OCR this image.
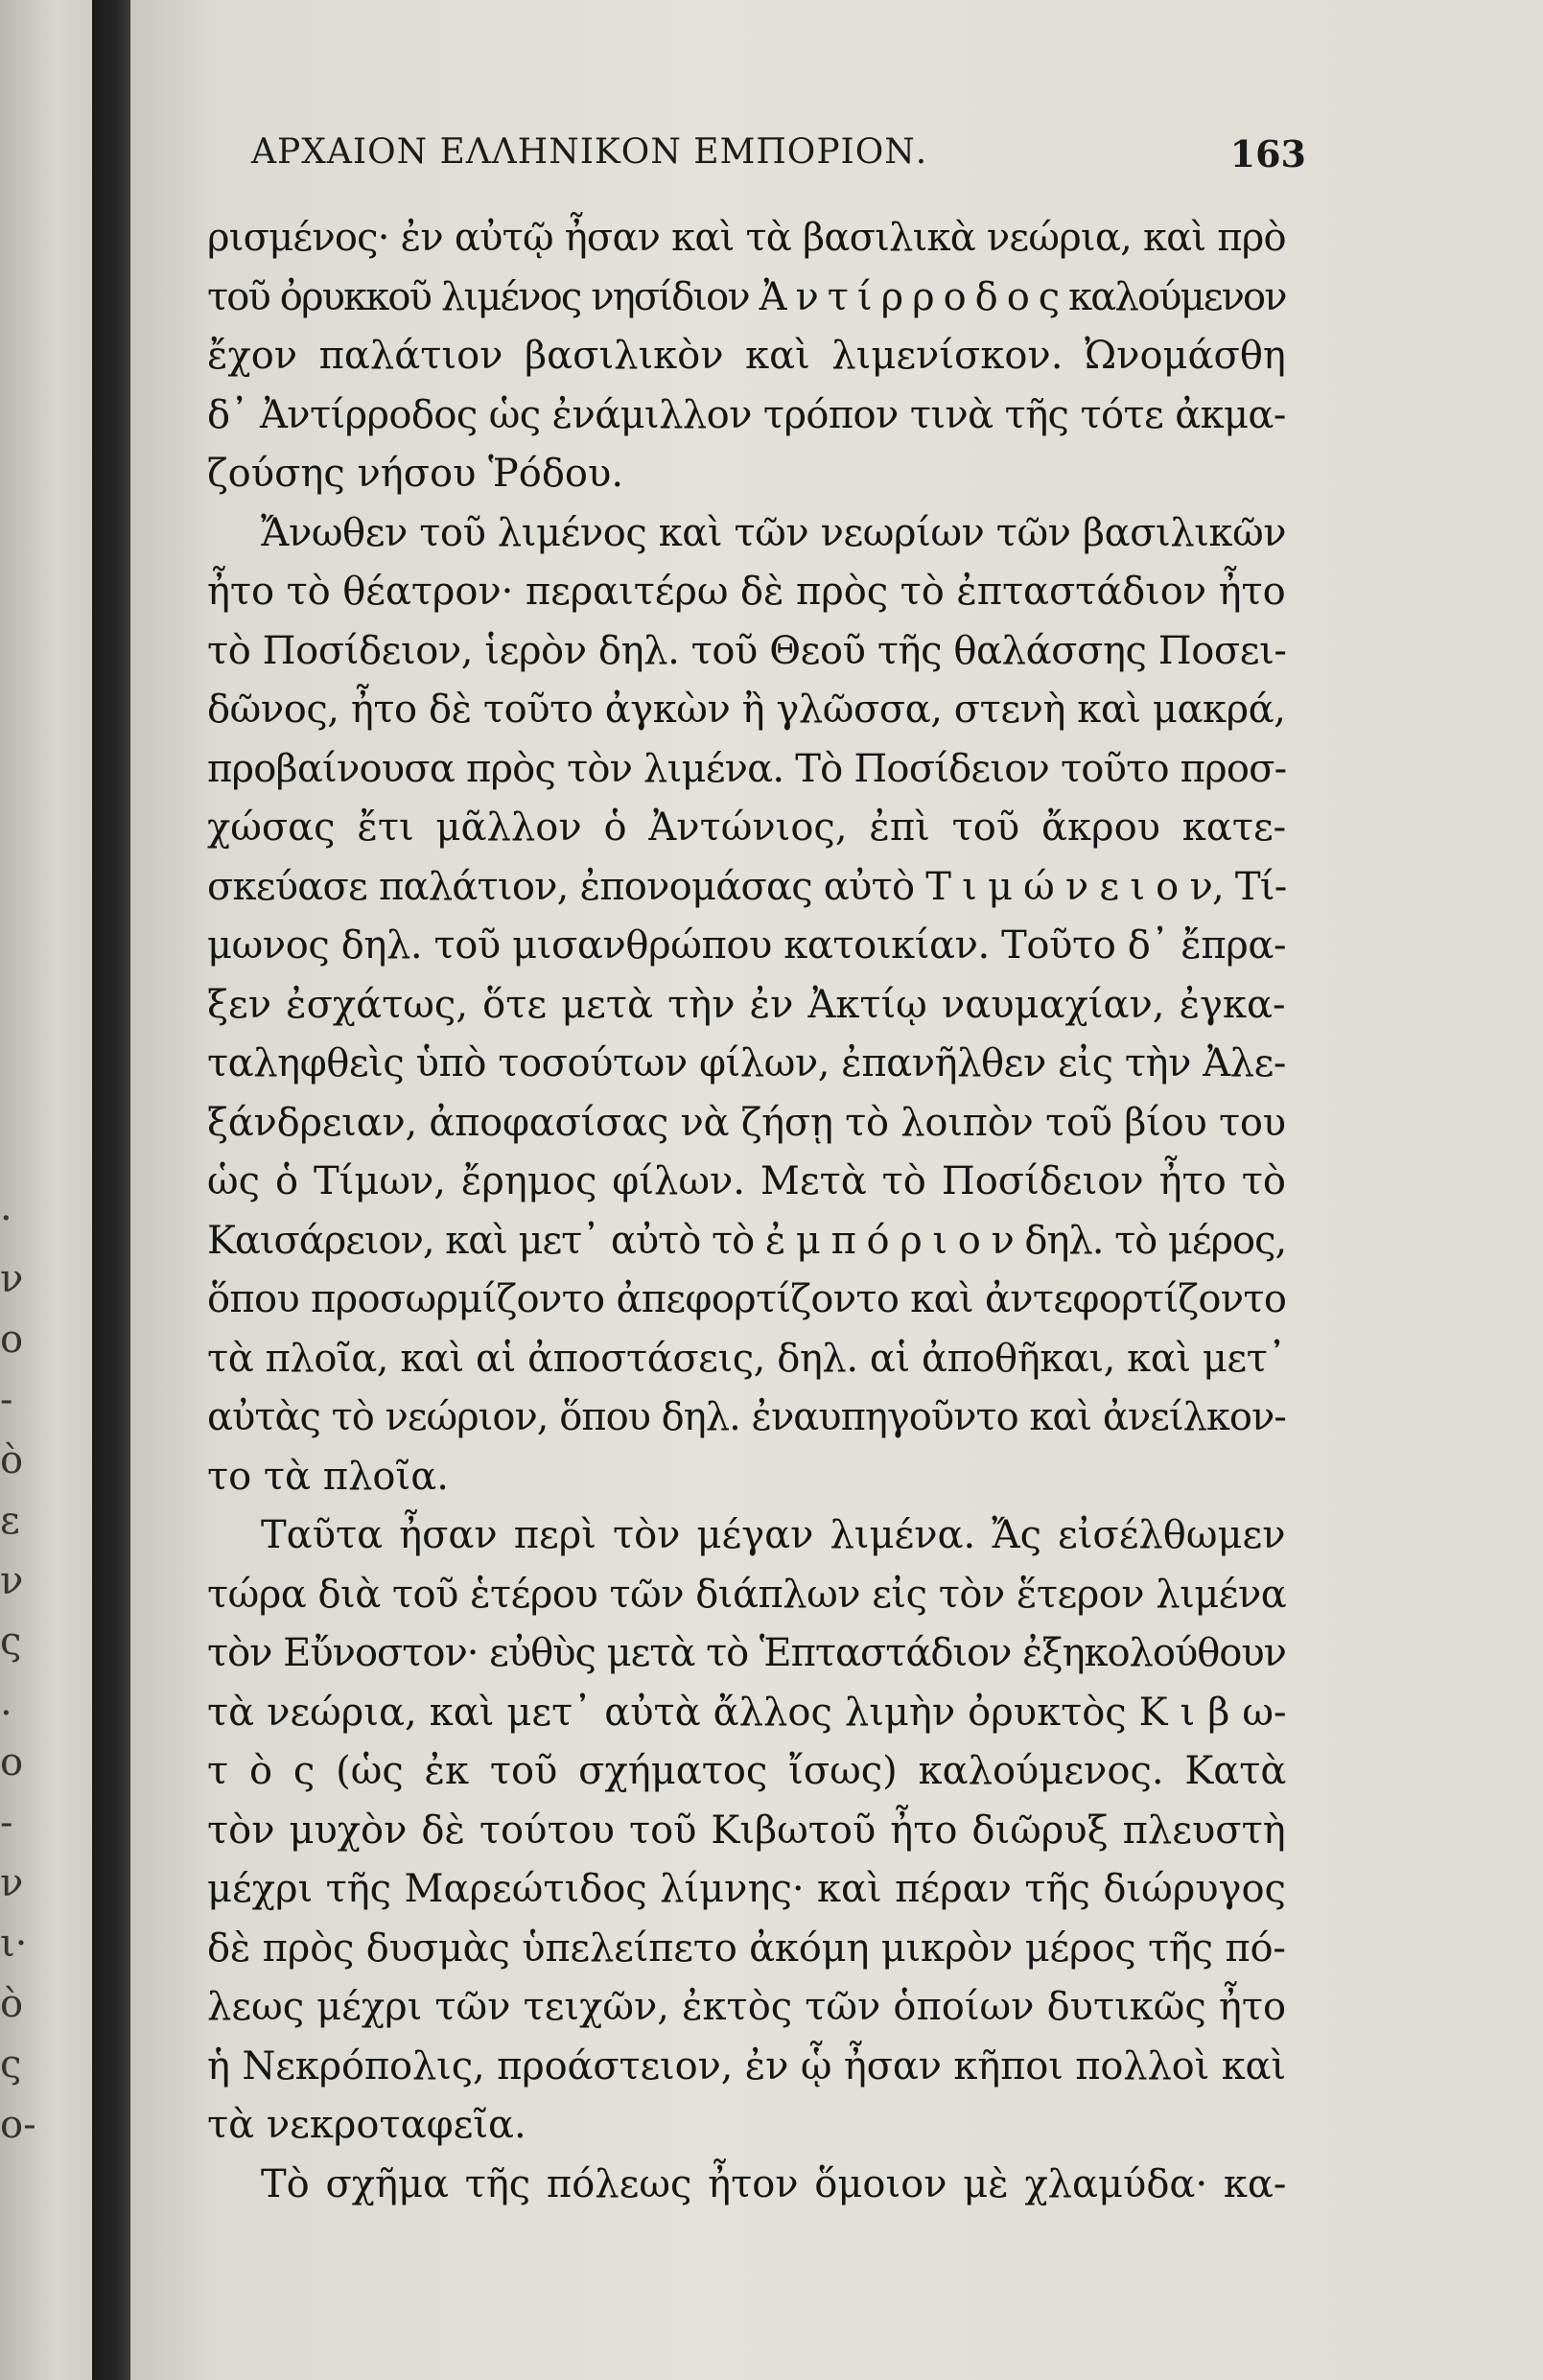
·
ν
ο
-
ὸ
ε
ν
ς
.
ο
-
ν
ι·
ὸ
ς
ο-
ΑΡΧΑΙΟΝ ΕΛΛΗΝΙΚΟΝ ΕΜΠΟΡΙΟΝ.	163
ρισμένος· ἐν αὐτῷ ἦσαν καὶ τὰ βασιλικὰ νεώρια, καὶ πρὸ
τοῦ ὀρυκκοῦ λιμένος νησίδιον Ἀ ν τ ί ρ ρ ο δ ο ς καλούμενον
ἔχον παλάτιον βασιλικὸν καὶ λιμενίσκον. Ὠνομάσθη
δ᾽ Ἀντίρροδος ὡς ἐνάμιλλον τρόπον τινὰ τῆς τότε ἀκμα-
ζούσης νήσου Ῥόδου.
Ἄνωθεν τοῦ λιμένος καὶ τῶν νεωρίων τῶν βασιλικῶν
ἦτο τὸ θέατρον· περαιτέρω δὲ πρὸς τὸ ἐπταστάδιον ἦτο
τὸ Ποσίδειον, ἱερὸν δηλ. τοῦ Θεοῦ τῆς θαλάσσης Ποσει-
δῶνος, ἦτο δὲ τοῦτο ἀγκὼν ἢ γλῶσσα, στενὴ καὶ μακρά,
προβαίνουσα πρὸς τὸν λιμένα. Τὸ Ποσίδειον τοῦτο προσ-
χώσας ἔτι μᾶλλον ὁ Ἀντώνιος, ἐπὶ τοῦ ἄκρου κατε-
σκεύασε παλάτιον, ἐπονομάσας αὐτὸ Τ ι μ ώ ν ε ι ο ν, Τί-
μωνος δηλ. τοῦ μισανθρώπου κατοικίαν. Τοῦτο δ᾽ ἔπρα-
ξεν ἐσχάτως, ὅτε μετὰ τὴν ἐν Ἀκτίῳ ναυμαχίαν, ἐγκα-
ταληφθεὶς ὑπὸ τοσούτων φίλων, ἐπανῆλθεν εἰς τὴν Ἀλε-
ξάνδρειαν, ἀποφασίσας νὰ ζήσῃ τὸ λοιπὸν τοῦ βίου του
ὡς ὁ Τίμων, ἔρημος φίλων. Μετὰ τὸ Ποσίδειον ἦτο τὸ
Καισάρειον, καὶ μετ᾽ αὐτὸ τὸ ἐ μ π ό ρ ι ο ν δηλ. τὸ μέρος,
ὅπου προσωρμίζοντο ἀπεφορτίζοντο καὶ ἀντεφορτίζοντο
τὰ πλοῖα, καὶ αἱ ἀποστάσεις, δηλ. αἱ ἀποθῆκαι, καὶ μετ᾽
αὐτὰς τὸ νεώριον, ὅπου δηλ. ἐναυπηγοῦντο καὶ ἀνείλκον-
το τὰ πλοῖα.
Ταῦτα ἦσαν περὶ τὸν μέγαν λιμένα. Ἄς εἰσέλθωμεν
τώρα διὰ τοῦ ἑτέρου τῶν διάπλων εἰς τὸν ἕτερον λιμένα
τὸν Εὔνοστον· εὐθὺς μετὰ τὸ Ἑπταστάδιον ἐξηκολούθουν
τὰ νεώρια, καὶ μετ᾽ αὐτὰ ἄλλος λιμὴν ὀρυκτὸς Κ ι β ω-
τ ὸ ς (ὡς ἐκ τοῦ σχήματος ἴσως) καλούμενος. Κατὰ
τὸν μυχὸν δὲ τούτου τοῦ Κιβωτοῦ ἦτο διῶρυξ πλευστὴ
μέχρι τῆς Μαρεώτιδος λίμνης· καὶ πέραν τῆς διώρυγος
δὲ πρὸς δυσμὰς ὑπελείπετο ἀκόμη μικρὸν μέρος τῆς πό-
λεως μέχρι τῶν τειχῶν, ἐκτὸς τῶν ὁποίων δυτικῶς ἦτο
ἡ Νεκρόπολις, προάστειον, ἐν ᾧ ἦσαν κῆποι πολλοὶ καὶ
τὰ νεκροταφεῖα.
Τὸ σχῆμα τῆς πόλεως ἦτον ὅμοιον μὲ χλαμύδα· κα-
